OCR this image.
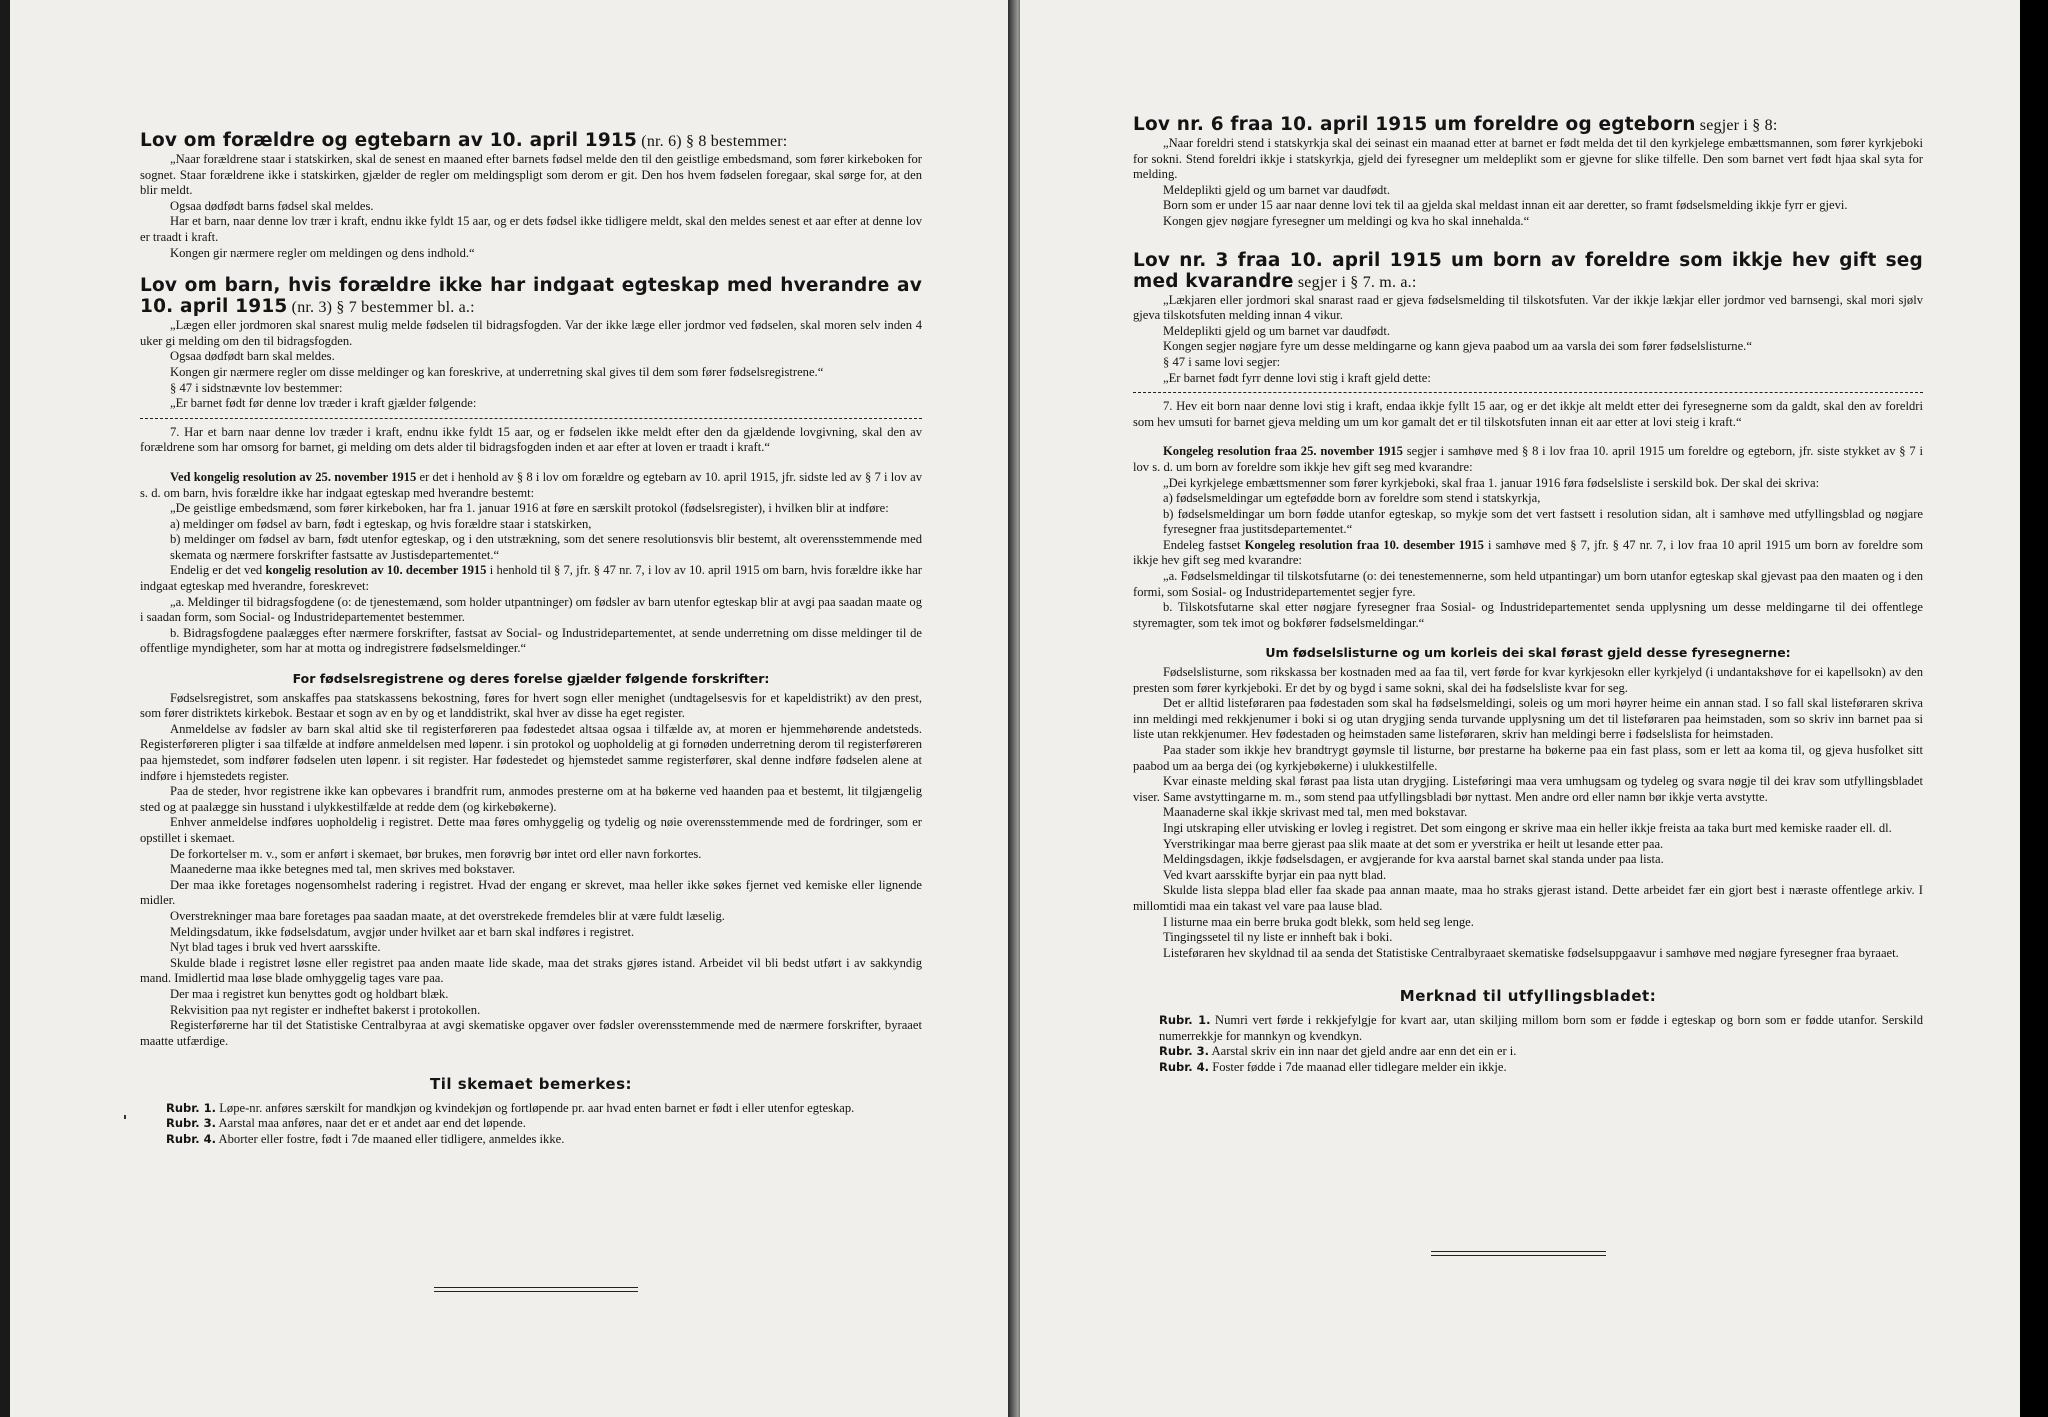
Lov om forældre og egtebarn av 10. april 1915 (nr. 6) § 8 bestemmer:

„Naar forældrene staar i statskirken, skal de senest en maaned efter barnets fødsel melde den til den geistlige embedsmand, som fører kirkeboken for sognet. Staar forældrene ikke i statskirken, gjælder de regler om meldingspligt som derom er git. Den hos hvem fødselen foregaar, skal sørge for, at den blir meldt.

Ogsaa dødfødt barns fødsel skal meldes.

Har et barn, naar denne lov trær i kraft, endnu ikke fyldt 15 aar, og er dets fødsel ikke tidligere meldt, skal den meldes senest et aar efter at denne lov er traadt i kraft.

Kongen gir nærmere regler om meldingen og dens indhold.“

Lov om barn, hvis forældre ikke har indgaat egteskap med hverandre av 10. april 1915 (nr. 3) § 7 bestemmer bl. a.:

„Lægen eller jordmoren skal snarest mulig melde fødselen til bidragsfogden. Var der ikke læge eller jordmor ved fødselen, skal moren selv inden 4 uker gi melding om den til bidragsfogden.

Ogsaa dødfødt barn skal meldes.

Kongen gir nærmere regler om disse meldinger og kan foreskrive, at underretning skal gives til dem som fører fødselsregistrene.“

§ 47 i sidstnævnte lov bestemmer:

„Er barnet født før denne lov træder i kraft gjælder følgende:

7. Har et barn naar denne lov træder i kraft, endnu ikke fyldt 15 aar, og er fødselen ikke meldt efter den da gjældende lovgivning, skal den av forældrene som har omsorg for barnet, gi melding om dets alder til bidragsfogden inden et aar efter at loven er traadt i kraft.“

Ved kongelig resolution av 25. november 1915 er det i henhold av § 8 i lov om forældre og egtebarn av 10. april 1915, jfr. sidste led av § 7 i lov av s. d. om barn, hvis forældre ikke har indgaat egteskap med hverandre bestemt:

„De geistlige embedsmænd, som fører kirkeboken, har fra 1. januar 1916 at føre en særskilt protokol (fødselsregister), i hvilken blir at indføre:

a) meldinger om fødsel av barn, født i egteskap, og hvis forældre staar i statskirken,

b) meldinger om fødsel av barn, født utenfor egteskap, og i den utstrækning, som det senere resolutionsvis blir bestemt, alt overensstemmende med skemata og nærmere forskrifter fastsatte av Justisdepartementet.“

Endelig er det ved kongelig resolution av 10. december 1915 i henhold til § 7, jfr. § 47 nr. 7, i lov av 10. april 1915 om barn, hvis forældre ikke har indgaat egteskap med hverandre, foreskrevet:

„a. Meldinger til bidragsfogdene (o: de tjenestemænd, som holder utpantninger) om fødsler av barn utenfor egteskap blir at avgi paa saadan maate og i saadan form, som Social- og Industridepartementet bestemmer.

b. Bidragsfogdene paalægges efter nærmere forskrifter, fastsat av Social- og Industridepartementet, at sende underretning om disse meldinger til de offentlige myndigheter, som har at motta og indregistrere fødselsmeldinger.“

For fødselsregistrene og deres forelse gjælder følgende forskrifter:

Fødselsregistret, som anskaffes paa statskassens bekostning, føres for hvert sogn eller menighet (undtagelsesvis for et kapeldistrikt) av den prest, som fører distriktets kirkebok. Bestaar et sogn av en by og et landdistrikt, skal hver av disse ha eget register.

Anmeldelse av fødsler av barn skal altid ske til registerføreren paa fødestedet altsaa ogsaa i tilfælde av, at moren er hjemmehørende andetsteds. Registerføreren pligter i saa tilfælde at indføre anmeldelsen med løpenr. i sin protokol og uopholdelig at gi fornøden underretning derom til registerføreren paa hjemstedet, som indfører fødselen uten løpenr. i sit register. Har fødestedet og hjemstedet samme registerfører, skal denne indføre fødselen alene at indføre i hjemstedets register.

Paa de steder, hvor registrene ikke kan opbevares i brandfrit rum, anmodes presterne om at ha bøkerne ved haanden paa et bestemt, lit tilgjængelig sted og at paalægge sin husstand i ulykkestilfælde at redde dem (og kirkebøkerne).

Enhver anmeldelse indføres uopholdelig i registret. Dette maa føres omhyggelig og tydelig og nøie overensstemmende med de fordringer, som er opstillet i skemaet.

De forkortelser m. v., som er anført i skemaet, bør brukes, men forøvrig bør intet ord eller navn forkortes.

Maanederne maa ikke betegnes med tal, men skrives med bokstaver.

Der maa ikke foretages nogensomhelst radering i registret. Hvad der engang er skrevet, maa heller ikke søkes fjernet ved kemiske eller lignende midler.

Overstrekninger maa bare foretages paa saadan maate, at det overstrekede fremdeles blir at være fuldt læselig.

Meldingsdatum, ikke fødselsdatum, avgjør under hvilket aar et barn skal indføres i registret.

Nyt blad tages i bruk ved hvert aarsskifte.

Skulde blade i registret løsne eller registret paa anden maate lide skade, maa det straks gjøres istand. Arbeidet vil bli bedst utført i av sakkyndig mand. Imidlertid maa løse blade omhyggelig tages vare paa.

Der maa i registret kun benyttes godt og holdbart blæk.

Rekvisition paa nyt register er indheftet bakerst i protokollen.

Registerførerne har til det Statistiske Centralbyraa at avgi skematiske opgaver over fødsler overensstemmende med de nærmere forskrifter, byraaet maatte utfærdige.

Til skemaet bemerkes:

Rubr. 1. Løpe-nr. anføres særskilt for mandkjøn og kvindekjøn og fortløpende pr. aar hvad enten barnet er født i eller utenfor egteskap.

Rubr. 3. Aarstal maa anføres, naar det er et andet aar end det løpende.

Rubr. 4. Aborter eller fostre, født i 7de maaned eller tidligere, anmeldes ikke.

Lov nr. 6 fraa 10. april 1915 um foreldre og egteborn segjer i § 8:

„Naar foreldri stend i statskyrkja skal dei seinast ein maanad etter at barnet er født melda det til den kyrkjelege embættsmannen, som fører kyrkjeboki for sokni. Stend foreldri ikkje i statskyrkja, gjeld dei fyresegner um meldeplikt som er gjevne for slike tilfelle. Den som barnet vert født hjaa skal syta for melding.

Meldeplikti gjeld og um barnet var daudfødt.

Born som er under 15 aar naar denne lovi tek til aa gjelda skal meldast innan eit aar deretter, so framt fødselsmelding ikkje fyrr er gjevi.

Kongen gjev nøgjare fyresegner um meldingi og kva ho skal innehalda.“

Lov nr. 3 fraa 10. april 1915 um born av foreldre som ikkje hev gift seg med kvarandre segjer i § 7. m. a.:

„Lækjaren eller jordmori skal snarast raad er gjeva fødselsmelding til tilskotsfuten. Var der ikkje lækjar eller jordmor ved barnsengi, skal mori sjølv gjeva tilskotsfuten melding innan 4 vikur.

Meldeplikti gjeld og um barnet var daudfødt.

Kongen segjer nøgjare fyre um desse meldingarne og kann gjeva paabod um aa varsla dei som fører fødselslisturne.“

§ 47 i same lovi segjer:

„Er barnet født fyrr denne lovi stig i kraft gjeld dette:

7. Hev eit born naar denne lovi stig i kraft, endaa ikkje fyllt 15 aar, og er det ikkje alt meldt etter dei fyresegnerne som da galdt, skal den av foreldri som hev umsuti for barnet gjeva melding um um kor gamalt det er til tilskotsfuten innan eit aar etter at lovi steig i kraft.“

Kongeleg resolution fraa 25. november 1915 segjer i samhøve med § 8 i lov fraa 10. april 1915 um foreldre og egteborn, jfr. siste stykket av § 7 i lov s. d. um born av foreldre som ikkje hev gift seg med kvarandre:

„Dei kyrkjelege embættsmenner som fører kyrkjeboki, skal fraa 1. januar 1916 føra fødselsliste i serskild bok. Der skal dei skriva:

a) fødselsmeldingar um egtefødde born av foreldre som stend i statskyrkja,

b) fødselsmeldingar um born fødde utanfor egteskap, so mykje som det vert fastsett i resolution sidan, alt i samhøve med utfyllingsblad og nøgjare fyresegner fraa justitsdepartementet.“

Endeleg fastset Kongeleg resolution fraa 10. desember 1915 i samhøve med § 7, jfr. § 47 nr. 7, i lov fraa 10 april 1915 um born av foreldre som ikkje hev gift seg med kvarandre:

„a. Fødselsmeldingar til tilskotsfutarne (o: dei tenestemennerne, som held utpantingar) um born utanfor egteskap skal gjevast paa den maaten og i den formi, som Sosial- og Industridepartementet segjer fyre.

b. Tilskotsfutarne skal etter nøgjare fyresegner fraa Sosial- og Industridepartementet senda upplysning um desse meldingarne til dei offentlege styremagter, som tek imot og bokfører fødselsmeldingar.“

Um fødselslisturne og um korleis dei skal førast gjeld desse fyresegnerne:

Fødselslisturne, som rikskassa ber kostnaden med aa faa til, vert førde for kvar kyrkjesokn eller kyrkjelyd (i undantakshøve for ei kapellsokn) av den presten som fører kyrkjeboki. Er det by og bygd i same sokni, skal dei ha fødselsliste kvar for seg.

Det er alltid listeføraren paa fødestaden som skal ha fødselsmeldingi, soleis og um mori høyrer heime ein annan stad. I so fall skal listeføraren skriva inn meldingi med rekkjenumer i boki si og utan drygjing senda turvande upplysning um det til listeføraren paa heimstaden, som so skriv inn barnet paa si liste utan rekkjenumer. Hev fødestaden og heimstaden same listeføraren, skriv han meldingi berre i fødselslista for heimstaden.

Paa stader som ikkje hev brandtrygt gøymsle til listurne, bør prestarne ha bøkerne paa ein fast plass, som er lett aa koma til, og gjeva husfolket sitt paabod um aa berga dei (og kyrkjebøkerne) i ulukkestilfelle.

Kvar einaste melding skal førast paa lista utan drygjing. Listeføringi maa vera umhugsam og tydeleg og svara nøgje til dei krav som utfyllingsbladet viser. Same avstyttingarne m. m., som stend paa utfyllingsbladi bør nyttast. Men andre ord eller namn bør ikkje verta avstytte.

Maanaderne skal ikkje skrivast med tal, men med bokstavar.

Ingi utskraping eller utvisking er lovleg i registret. Det som eingong er skrive maa ein heller ikkje freista aa taka burt med kemiske raader ell. dl.

Yverstrikingar maa berre gjerast paa slik maate at det som er yverstrika er heilt ut lesande etter paa.

Meldingsdagen, ikkje fødselsdagen, er avgjerande for kva aarstal barnet skal standa under paa lista.

Ved kvart aarsskifte byrjar ein paa nytt blad.

Skulde lista sleppa blad eller faa skade paa annan maate, maa ho straks gjerast istand. Dette arbeidet fær ein gjort best i næraste offentlege arkiv. I millomtidi maa ein takast vel vare paa lause blad.

I listurne maa ein berre bruka godt blekk, som held seg lenge.

Tingingssetel til ny liste er innheft bak i boki.

Listeføraren hev skyldnad til aa senda det Statistiske Centralbyraaet skematiske fødselsuppgaavur i samhøve med nøgjare fyresegner fraa byraaet.

Merknad til utfyllingsbladet:

Rubr. 1. Numri vert førde i rekkjefylgje for kvart aar, utan skiljing millom born som er fødde i egteskap og born som er fødde utanfor. Serskild numerrekkje for mannkyn og kvendkyn.

Rubr. 3. Aarstal skriv ein inn naar det gjeld andre aar enn det ein er i.

Rubr. 4. Foster fødde i 7de maanad eller tidlegare melder ein ikkje.
